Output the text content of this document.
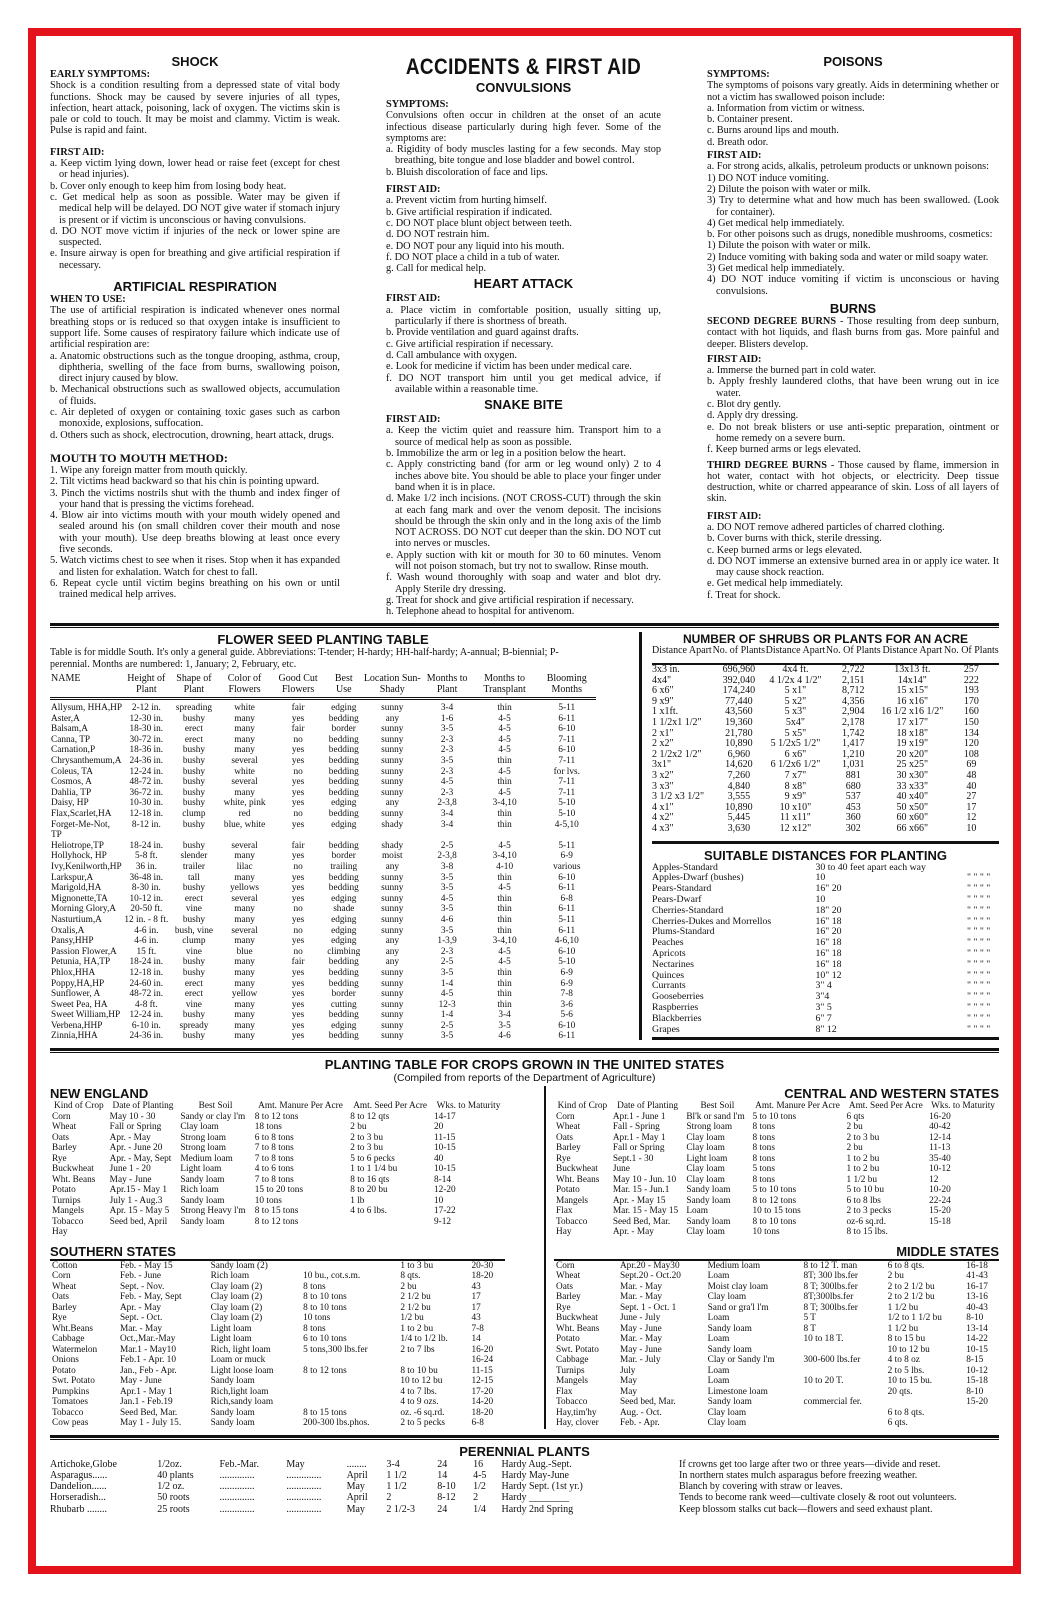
SHOCK
EARLY SYMPTOMS:
Shock is a condition resulting from a depressed state of vital body functions. Shock may be caused by severe injuries of all types, infection, heart attack, poisoning, lack of oxygen. The victims skin is pale or cold to touch. It may be moist and clammy. Victim is weak. Pulse is rapid and faint.
FIRST AID:
a. Keep victim lying down, lower head or raise feet (except for chest or head injuries).
b. Cover only enough to keep him from losing body heat.
c. Get medical help as soon as possible. Water may be given if medical help will be delayed. DO NOT give water if stomach injury is present or if victim is unconscious or having convulsions.
d. DO NOT move victim if injuries of the neck or lower spine are suspected.
e. Insure airway is open for breathing and give artificial respiration if necessary.
ARTIFICIAL RESPIRATION
WHEN TO USE:
The use of artificial respiration is indicated whenever ones normal breathing stops or is reduced so that oxygen intake is insufficient to support life. Some causes of respiratory failure which indicate use of artificial respiration are:
a. Anatomic obstructions such as the tongue drooping, asthma, croup, diphtheria, swelling of the face from burns, swallowing poison, direct injury caused by blow.
b. Mechanical obstructions such as swallowed objects, accumulation of fluids.
c. Air depleted of oxygen or containing toxic gases such as carbon monoxide, explosions, suffocation.
d. Others such as shock, electrocution, drowning, heart attack, drugs.
MOUTH TO MOUTH METHOD:
1. Wipe any foreign matter from mouth quickly.
2. Tilt victims head backward so that his chin is pointing upward.
3. Pinch the victims nostrils shut with the thumb and index finger of your hand that is pressing the victims forehead.
4. Blow air into victims mouth with your mouth widely opened and sealed around his (on small children cover their mouth and nose with your mouth). Use deep breaths blowing at least once every five seconds.
5. Watch victims chest to see when it rises. Stop when it has expanded and listen for exhalation. Watch for chest to fall.
6. Repeat cycle until victim begins breathing on his own or until trained medical help arrives.
ACCIDENTS & FIRST AID
CONVULSIONS
SYMPTOMS:
Convulsions often occur in children at the onset of an acute infectious disease particularly during high fever. Some of the symptoms are:
a. Rigidity of body muscles lasting for a few seconds. May stop breathing, bite tongue and lose bladder and bowel control.
b. Bluish discoloration of face and lips.
FIRST AID:
a. Prevent victim from hurting himself.
b. Give artificial respiration if indicated.
c. DO NOT place blunt object between teeth.
d. DO NOT restrain him.
e. DO NOT pour any liquid into his mouth.
f. DO NOT place a child in a tub of water.
g. Call for medical help.
HEART ATTACK
FIRST AID:
a. Place victim in comfortable position, usually sitting up, particularly if there is shortness of breath.
b. Provide ventilation and guard against drafts.
c. Give artificial respiration if necessary.
d. Call ambulance with oxygen.
e. Look for medicine if victim has been under medical care.
f. DO NOT transport him until you get medical advice, if available within a reasonable time.
SNAKE BITE
FIRST AID:
a. Keep the victim quiet and reassure him. Transport him to a source of medical help as soon as possible.
b. Immobilize the arm or leg in a position below the heart.
c. Apply constricting band (for arm or leg wound only) 2 to 4 inches above bite. You should be able to place your finger under band when it is in place.
d. Make 1/2 inch incisions. (NOT CROSS-CUT) through the skin at each fang mark and over the venom deposit. The incisions should be through the skin only and in the long axis of the limb NOT ACROSS. DO NOT cut deeper than the skin. DO NOT cut into nerves or muscles.
e. Apply suction with kit or mouth for 30 to 60 minutes. Venom will not poison stomach, but try not to swallow. Rinse mouth.
f. Wash wound thoroughly with soap and water and blot dry. Apply Sterile dry dressing.
g. Treat for shock and give artificial respiration if necessary.
h. Telephone ahead to hospital for antivenom.
POISONS
SYMPTOMS:
The symptoms of poisons vary greatly. Aids in determining whether or not a victim has swallowed poison include:
a. Information from victim or witness.
b. Container present.
c. Burns around lips and mouth.
d. Breath odor.
FIRST AID:
a. For strong acids, alkalis, petroleum products or unknown poisons:
1) DO NOT induce vomiting.
2) Dilute the poison with water or milk.
3) Try to determine what and how much has been swallowed. (Look for container).
4) Get medical help immediately.
b. For other poisons such as drugs, nonedible mushrooms, cosmetics:
1) Dilute the poison with water or milk.
2) Induce vomiting with baking soda and water or mild soapy water.
3) Get medical help immediately.
4) DO NOT induce vomiting if victim is unconscious or having convulsions.
BURNS
SECOND DEGREE BURNS - Those resulting from deep sunburn, contact with hot liquids, and flash burns from gas. More painful and deeper. Blisters develop.
FIRST AID:
a. Immerse the burned part in cold water.
b. Apply freshly laundered cloths, that have been wrung out in ice water.
c. Blot dry gently.
d. Apply dry dressing.
e. Do not break blisters or use anti-septic preparation, ointment or home remedy on a severe burn.
f. Keep burned arms or legs elevated.
THIRD DEGREE BURNS - Those caused by flame, immersion in hot water, contact with hot objects, or electricity. Deep tissue destruction, white or charred appearance of skin. Loss of all layers of skin.
FIRST AID:
a. DO NOT remove adhered particles of charred clothing.
b. Cover burns with thick, sterile dressing.
c. Keep burned arms or legs elevated.
d. DO NOT immerse an extensive burned area in or apply ice water. It may cause shock reaction.
e. Get medical help immediately.
f. Treat for shock.
FLOWER SEED PLANTING TABLE
Table is for middle South. It's only a general guide. Abbreviations: T-tender; H-hardy; HH-half-hardy; A-annual; B-biennial; P-perennial. Months are numbered: 1, January; 2, February, etc.
NAME	Height of Plant	Shape of Plant	Color of Flowers	Good Cut Flowers	Best Use	Location Sun-Shady	Months to Plant	Months to Transplant	Blooming Months
Allysum, HHA,HP	2-12 in.	spreading	white	fair	edging	sunny	3-4	thin	5-11
Aster,A	12-30 in.	bushy	many	yes	bedding	any	1-6	4-5	6-11
Balsam,A	18-30 in.	erect	many	fair	border	sunny	3-5	4-5	6-10
Canna, TP	30-72 in.	erect	many	no	bedding	sunny	2-3	4-5	7-11
Carnation,P	18-36 in.	bushy	many	yes	bedding	sunny	2-3	4-5	6-10
Chrysanthemum,A	24-36 in.	bushy	several	yes	bedding	sunny	3-5	thin	7-11
Coleus, TA	12-24 in.	bushy	white	no	bedding	sunny	2-3	4-5	for lvs.
Cosmos, A	48-72 in.	bushy	several	yes	bedding	sunny	4-5	thin	7-11
Dahlia, TP	36-72 in.	bushy	many	yes	bedding	sunny	2-3	4-5	7-11
Daisy, HP	10-30 in.	bushy	white, pink	yes	edging	any	2-3,8	3-4,10	5-10
Flax,Scarlet,HA	12-18 in.	clump	red	no	bedding	sunny	3-4	thin	5-10
Forget-Me-Not, TP	8-12 in.	bushy	blue, white	yes	edging	shady	3-4	thin	4-5,10
Heliotrope,TP	18-24 in.	bushy	several	fair	bedding	shady	2-5	4-5	5-11
Hollyhock, HP	5-8 ft.	slender	many	yes	border	moist	2-3,8	3-4,10	6-9
Ivy,Kenilworth,HP	36 in.	trailer	lilac	no	trailing	any	3-8	4-10	various
Larkspur,A	36-48 in.	tall	many	yes	bedding	sunny	3-5	thin	6-10
Marigold,HA	8-30 in.	bushy	yellows	yes	bedding	sunny	3-5	4-5	6-11
Mignonette,TA	10-12 in.	erect	several	yes	edging	sunny	4-5	thin	6-8
Morning Glory,A	20-50 ft.	vine	many	no	shade	sunny	3-5	thin	6-11
Nasturtium,A	12 in. - 8 ft.	bushy	many	yes	edging	sunny	4-6	thin	5-11
Oxalis,A	4-6 in.	bush, vine	several	no	edging	sunny	3-5	thin	6-11
Pansy,HHP	4-6 in.	clump	many	yes	edging	any	1-3,9	3-4,10	4-6,10
Passion Flower,A	15 ft.	vine	blue	no	climbing	any	2-3	4-5	6-10
Petunia, HA,TP	18-24 in.	bushy	many	fair	bedding	any	2-5	4-5	5-10
Phlox,HHA	12-18 in.	bushy	many	yes	bedding	sunny	3-5	thin	6-9
Poppy,HA,HP	24-60 in.	erect	many	yes	bedding	sunny	1-4	thin	6-9
Sunflower, A	48-72 in.	erect	yellow	yes	border	sunny	4-5	thin	7-8
Sweet Pea, HA	4-8 ft.	vine	many	yes	cutting	sunny	12-3	thin	3-6
Sweet William,HP	12-24 in.	bushy	many	yes	bedding	sunny	1-4	3-4	5-6
Verbena,HHP	6-10 in.	spready	many	yes	edging	sunny	2-5	3-5	6-10
Zinnia,HHA	24-36 in.	bushy	many	yes	bedding	sunny	3-5	4-6	6-11
NUMBER OF SHRUBS OR PLANTS FOR AN ACRE
Distance Apart	No. of Plants	Distance Apart	No. Of Plants	Distance Apart	No. Of Plants
3x3 in.	696,960	4x4 ft.	2,722	13x13 ft.	257
4x4"	392,040	4 1/2x 4 1/2"	2,151	14x14"	222
6 x6"	174,240	5 x1"	8,712	15 x15"	193
9 x9"	77,440	5 x2"	4,356	16 x16"	170
1 x1ft.	43,560	5 x3"	2,904	16 1/2 x16 1/2"	160
1 1/2x1 1/2"	19,360	5x4"	2,178	17 x17"	150
2 x1"	21,780	5 x5"	1,742	18 x18"	134
2 x2"	10,890	5 1/2x5 1/2"	1,417	19 x19"	120
2 1/2x2 1/2"	6,960	6 x6"	1,210	20 x20"	108
3x1"	14,620	6 1/2x6 1/2"	1,031	25 x25"	69
3 x2"	7,260	7 x7"	881	30 x30"	48
3 x3"	4,840	8 x8"	680	33 x33"	40
3 1/2 x3 1/2"	3,555	9 x9"	537	40 x40"	27
4 x1"	10,890	10 x10"	453	50 x50"	17
4 x2"	5,445	11 x11"	360	60 x60"	12
4 x3"	3,630	12 x12"	302	66 x66"	10
SUITABLE DISTANCES FOR PLANTING
Apples-Standard	30 to 40 feet apart each way	
Apples-Dwarf (bushes)	10	" " " "
Pears-Standard	16" 20	" " " "
Pears-Dwarf	10	" " " "
Cherries-Standard	18" 20	" " " "
Cherries-Dukes and Morrellos	16" 18	" " " "
Plums-Standard	16" 20	" " " "
Peaches	16" 18	" " " "
Apricots	16" 18	" " " "
Nectarines	16" 18	" " " "
Quinces	10" 12	" " " "
Currants	3" 4	" " " "
Gooseberries	3"4	" " " "
Raspberries	3" 5	" " " "
Blackberries	6" 7	" " " "
Grapes	8" 12	" " " "
PLANTING TABLE FOR CROPS GROWN IN THE UNITED STATES
(Compiled from reports of the Department of Agriculture)
NEW ENGLAND
Kind of Crop	Date of Planting	Best Soil	Amt. Manure Per Acre	Amt. Seed Per Acre	Wks. to Maturity
Corn	May 10 - 30	Sandy or clay l'm	8 to 12 tons	8 to 12 qts	14-17
Wheat	Fall or Spring	Clay loam	18 tons	2 bu	20
Oats	Apr. - May	Strong loam	6 to 8 tons	2 to 3 bu	11-15
Barley	Apr. - June 20	Strong loam	7 to 8 tons	2 to 3 bu	10-15
Rye	Apr. - May, Sept	Medium loam	7 to 8 tons	5 to 6 pecks	40
Buckwheat	June 1 - 20	Light loam	4 to 6 tons	1 to 1 1/4 bu	10-15
Wht. Beans	May - June	Sandy loam	7 to 8 tons	8 to 16 qts	8-14
Potato	Apr.15 - May 1	Rich loam	15 to 20 tons	8 to 20 bu	12-20
Turnips	July 1 - Aug.3	Sandy loam	10 tons	1 lb	10
Mangels	Apr. 15 - May 5	Strong Heavy l'm	8 to 15 tons	4 to 6 lbs.	17-22
Tobacco	Seed bed, April	Sandy loam	8 to 12 tons		9-12
Hay					
SOUTHERN STATES
Cotton	Feb. - May 15	Sandy loam (2)		1 to 3 bu	20-30
Corn	Feb. - June	Rich loam	10 bu., cot.s.m.	8 qts.	18-20
Wheat	Sept. - Nov.	Clay loam (2)	8 tons	2 bu	43
Oats	Feb. - May, Sept	Clay loam (2)	8 to 10 tons	2 1/2 bu	17
Barley	Apr. - May	Clay loam (2)	8 to 10 tons	2 1/2 bu	17
Rye	Sept. - Oct.	Clay loam (2)	10 tons	1/2 bu	43
Wht.Beans	Mar. - May	Light loam	8 tons	1 to 2 bu	7-8
Cabbage	Oct.,Mar.-May	Light loam	6 to 10 tons	1/4 to 1/2 lb.	14
Watermelon	Mar.1 - May10	Rich, light loam	5 tons,300 lbs.fer	2 to 7 lbs	16-20
Onions	Feb.1 - Apr. 10	Loam or muck			16-24
Potato	Jan., Feb - Apr.	Light loose loam	8 to 12 tons	8 to 10 bu	11-15
Swt. Potato	May - June	Sandy loam		10 to 12 bu	12-15
Pumpkins	Apr.1 - May 1	Rich,light loam		4 to 7 lbs.	17-20
Tomatoes	Jan.1 - Feb.19	Rich,sandy loam		4 to 9 ozs.	14-20
Tobacco	Seed Bed, Mar.	Sandy loam	8 to 15 tons	oz. -6 sq.rd.	18-20
Cow peas	May 1 - July 15.	Sandy loam	200-300 lbs.phos.	2 to 5 pecks	6-8
CENTRAL AND WESTERN STATES
Kind of Crop	Date of Planting	Best Soil	Amt. Manure Per Acre	Amt. Seed Per Acre	Wks. to Maturity
Corn	Apr.1 - June 1	Bl'k or sand l'm	5 to 10 tons	6 qts	16-20
Wheat	Fall - Spring	Strong loam	8 tons	2 bu	40-42
Oats	Apr.1 - May 1	Clay loam	8 tons	2 to 3 bu	12-14
Barley	Fall or Spring	Clay loam	8 tons	2 bu	11-13
Rye	Sept.1 - 30	Light loam	8 tons	1 to 2 bu	35-40
Buckwheat	June	Clay loam	5 tons	1 to 2 bu	10-12
Wht. Beans	May 10 - Jun. 10	Clay loam	8 tons	1 1/2 bu	12
Potato	Mar. 15 - Jun.1	Sandy loam	5 to 10 tons	5 to 10 bu	10-20
Mangels	Apr. - May 15	Sandy loam	8 to 12 tons	6 to 8 lbs	22-24
Flax	Mar. 15 - May 15	Loam	10 to 15 tons	2 to 3 pecks	15-20
Tobacco	Seed Bed, Mar.	Sandy loam	8 to 10 tons	oz-6 sq.rd.	15-18
Hay	Apr. - May	Clay loam	10 tons	8 to 15 lbs.	
MIDDLE STATES
Corn	Apr.20 - May30	Medium loam	8 to 12 T. man	6 to 8 qts.	16-18
Wheat	Sept.20 - Oct.20	Loam	8T; 300 lbs.fer	2 bu	41-43
Oats	Mar. - May	Moist clay loam	8 T; 300lbs.fer	2 to 2 1/2 bu	16-17
Barley	Mar. - May	Clay loam	8T;300lbs.fer	2 to 2 1/2 bu	13-16
Rye	Sept. 1 - Oct. 1	Sand or gra'l l'm	8 T; 300lbs.fer	1 1/2 bu	40-43
Buckwheat	June - July	Loam	5 T	1/2 to 1 1/2 bu	8-10
Wht. Beans	May - June	Sandy loam	8 T	1 1/2 bu	13-14
Potato	Mar. - May	Loam	10 to 18 T.	8 to 15 bu	14-22
Swt. Potato	May - June	Sandy loam		10 to 12 bu	10-15
Cabbage	Mar. - July	Clay or Sandy l'm	300-600 lbs.fer	4 to 8 oz	8-15
Turnips	July	Loam		2 to 5 lbs.	10-12
Mangels	May	Loam	10 to 20 T.	10 to 15 bu.	15-18
Flax	May	Limestone loam		20 qts.	8-10
Tobacco	Seed bed, Mar.	Sandy loam	commercial fer.		15-20
Hay,tim'hy	Aug. - Oct.	Clay loam		6 to 8 qts.	
Hay, clover	Feb. - Apr.	Clay loam		6 qts.	
PERENNIAL PLANTS
Artichoke,Globe	1/2oz.	Feb.-Mar.	May	........	3-4	24	16	Hardy Aug.-Sept.
Asparagus......	40 plants	..............	..............	April	1 1/2	14	4-5	Hardy May-June
Dandelion......	1/2 oz.	..............	..............	May	1 1/2	8-10	1/2	Hardy Sept. (1st yr.)
Horseradish...	50 roots	..............	..............	April	2	8-12	2	Hardy ________
Rhubarb ........	25 roots	..............	..............	May	2 1/2-3	24	1/4	Hardy 2nd Spring
If crowns get too large after two or three years—divide and reset.
In northern states mulch asparagus before freezing weather.
Blanch by covering with straw or leaves.
Tends to become rank weed—cultivate closely & root out volunteers.
Keep blossom stalks cut back—flowers and seed exhaust plant.
